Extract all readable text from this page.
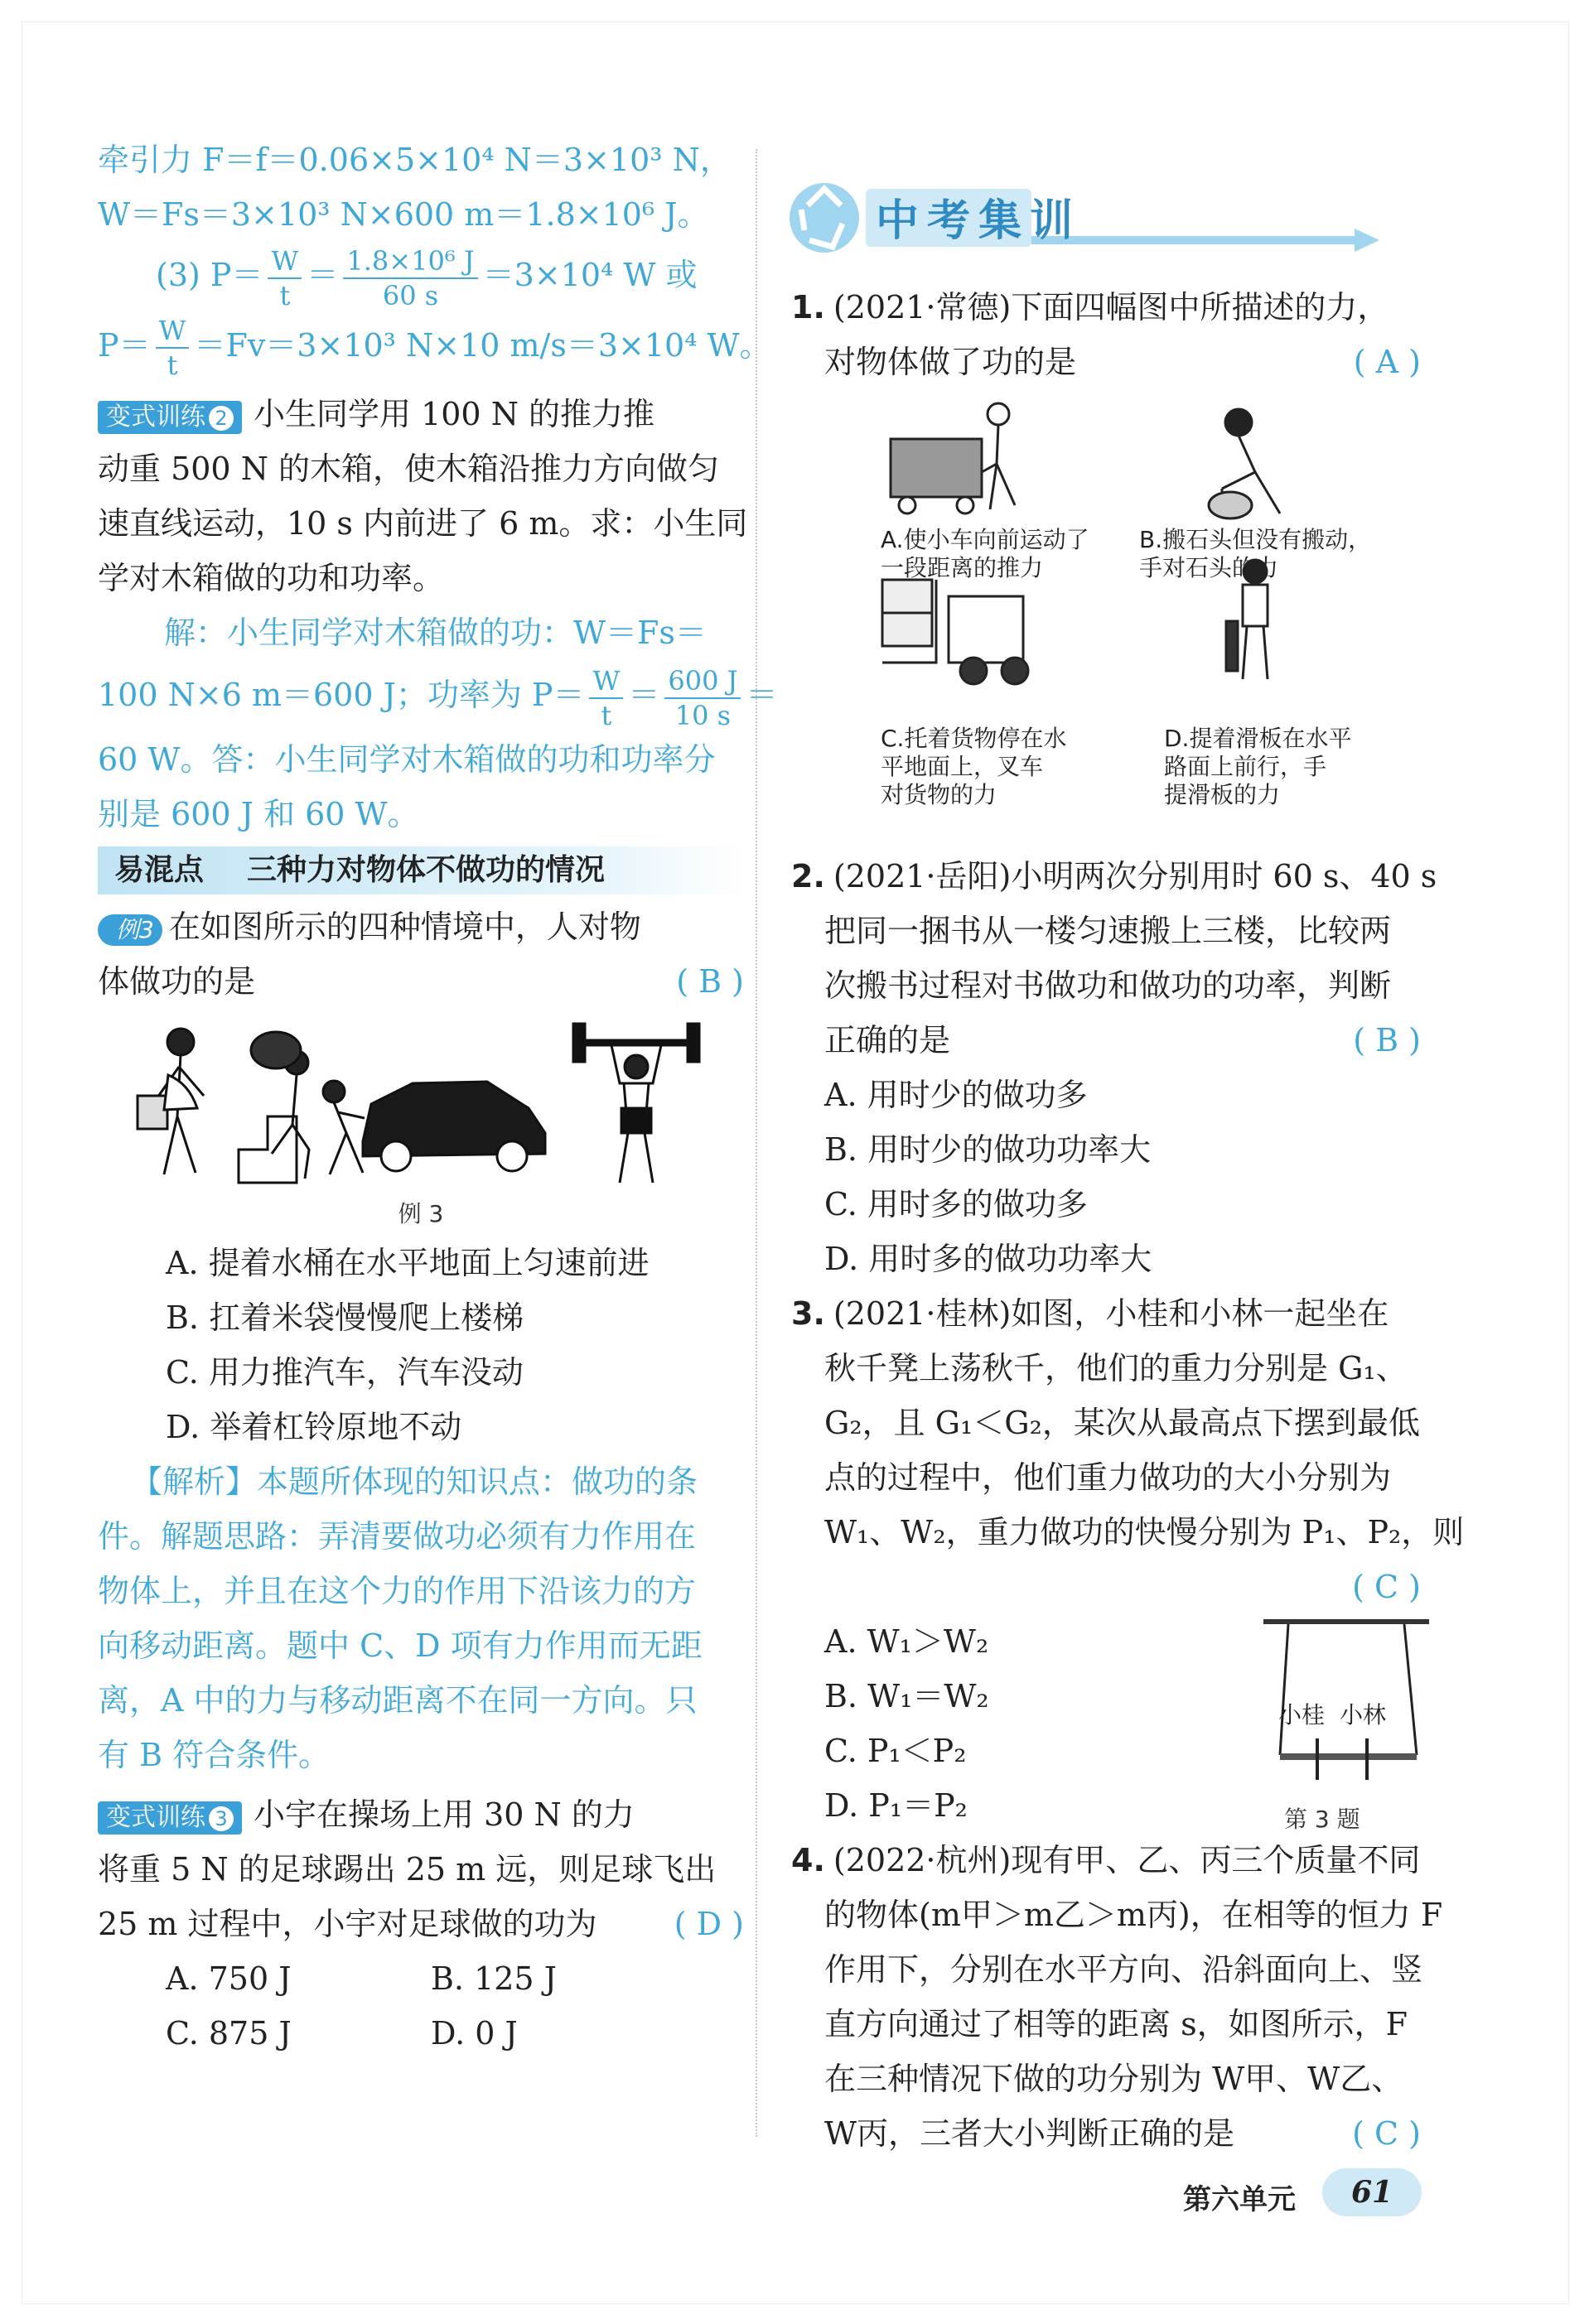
牵引力 F＝f＝0.06×5×10⁴ N＝3×10³ N，
W＝Fs＝3×10³ N×600 m＝1.8×10⁶ J。
(3) $P= \frac{W}{t} = \frac{\text{1.8×10⁶ J}}{60 s} =3\times 10^4$ W 或
$P= \frac{W}{t} =Fv=3\times 10^3$ N×10 m/s＝3×10⁴ W。
变式训练 2 小生同学用 100 N 的推力推
动重 500 N 的木箱，使木箱沿推力方向做匀
速直线运动，10 s 内前进了 6 m。求：小生同
学对木箱做的功和功率。
解：小生同学对木箱做的功：W＝Fs＝
100 N×6 m＝600 J；功率为 $P= \frac{W}{t} = \frac{600 J}{10 s}$ ＝
60 W。答：小生同学对木箱做的功和功率分
别是 600 J 和 60 W。
易混点 三种力对物体不做功的情况
例3 在如图所示的四种情境中，人对物
体做功的是	( B )
例 3
A. 提着水桶在水平地面上匀速前进
B. 扛着米袋慢慢爬上楼梯
C. 用力推汽车，汽车没动
D. 举着杠铃原地不动
【解析】本题所体现的知识点：做功的条
件。解题思路：弄清要做功必须有力作用在
物体上，并且在这个力的作用下沿该力的方
向移动距离。题中 C、D 项有力作用而无距
离，A 中的力与移动距离不在同一方向。只
有 B 符合条件。
变式训练 3 小宇在操场上用 30 N 的力
将重 5 N 的足球踢出 25 m 远，则足球飞出
25 m 过程中，小宇对足球做的功为 ( D )
A. 750 J	B. 125 J
C. 875 J	D. 0 J
中考集训
1. (2021·常德)下面四幅图中所描述的力，
对物体做了功的是	( A )
A.使小车向前运动了
一段距离的推力
B.搬石头但没有搬动，
手对石头的力
C.托着货物停在水
平地面上，叉车
对货物的力
D.提着滑板在水平
路面上前行，手
提滑板的力
2. (2021·岳阳)小明两次分别用时 60 s、40 s
把同一捆书从一楼匀速搬上三楼，比较两
次搬书过程对书做功和做功的功率，判断
正确的是	( B )
A. 用时少的做功多
B. 用时少的做功功率大
C. 用时多的做功多
D. 用时多的做功功率大
3. (2021·桂林)如图，小桂和小林一起坐在
秋千凳上荡秋千，他们的重力分别是 G₁、
G₂，且 G₁＜G₂，某次从最高点下摆到最低
点的过程中，他们重力做功的大小分别为
W₁、W₂，重力做功的快慢分别为 P₁、P₂，则
( C )
A. W₁＞W₂
B. W₁＝W₂
C. P₁＜P₂
D. P₁＝P₂
小桂 小林
第 3 题
4. (2022·杭州)现有甲、乙、丙三个质量不同
的物体(m甲＞m乙＞m丙)，在相等的恒力 F
作用下，分别在水平方向、沿斜面向上、竖
直方向通过了相等的距离 s，如图所示，F
在三种情况下做的功分别为 W甲、W乙、
W丙，三者大小判断正确的是	( C )
第六单元	61
